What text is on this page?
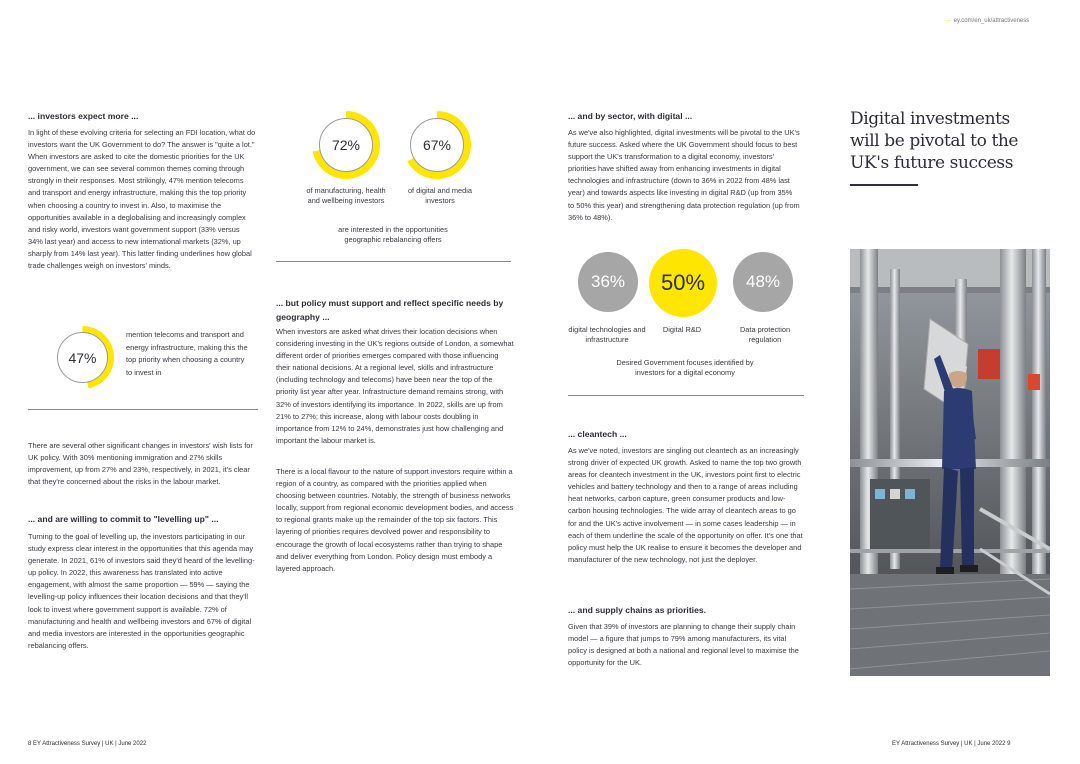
→ ey.com/en_uk/attractiveness
... investors expect more ...
In light of these evolving criteria for selecting an FDI location, what do investors want the UK Government to do? The answer is "quite a lot." When investors are asked to cite the domestic priorities for the UK government, we can see several common themes coming through strongly in their responses. Most strikingly, 47% mention telecoms and transport and energy infrastructure, making this the top priority when choosing a country to invest in. Also, to maximise the opportunities available in a deglobalising and increasingly complex and risky world, investors want government support (33% versus 34% last year) and access to new international markets (32%, up sharply from 14% last year). This latter finding underlines how global trade challenges weigh on investors' minds.
47%
mention telecoms and transport and energy infrastructure, making this the top priority when choosing a country to invest in
There are several other significant changes in investors' wish lists for UK policy. With 30% mentioning immigration and 27% skills improvement, up from 27% and 23%, respectively, in 2021, it's clear that they're concerned about the risks in the labour market.
... and are willing to commit to "levelling up" ...
Turning to the goal of levelling up, the investors participating in our study express clear interest in the opportunities that this agenda may generate. In 2021, 61% of investors said they'd heard of the levelling-up policy. In 2022, this awareness has translated into active engagement, with almost the same proportion — 59% — saying the levelling-up policy influences their location decisions and that they'll look to invest where government support is available. 72% of manufacturing and health and wellbeing investors and 67% of digital and media investors are interested in the opportunities geographic rebalancing offers.
72%	67%
of manufacturing, health and wellbeing investors
of digital and media investors
are interested in the opportunities geographic rebalancing offers
... but policy must support and reflect specific needs by geography ...
When investors are asked what drives their location decisions when considering investing in the UK's regions outside of London, a somewhat different order of priorities emerges compared with those influencing their national decisions. At a regional level, skills and infrastructure (including technology and telecoms) have been near the top of the priority list year after year. Infrastructure demand remains strong, with 32% of investors identifying its importance. In 2022, skills are up from 21% to 27%; this increase, along with labour costs doubling in importance from 12% to 24%, demonstrates just how challenging and important the labour market is.
There is a local flavour to the nature of support investors require within a region of a country, as compared with the priorities applied when choosing between countries. Notably, the strength of business networks locally, support from regional economic development bodies, and access to regional grants make up the remainder of the top six factors. This layering of priorities requires devolved power and responsibility to encourage the growth of local ecosystems rather than trying to shape and deliver everything from London. Policy design must embody a layered approach.
... and by sector, with digital ...
As we've also highlighted, digital investments will be pivotal to the UK's future success. Asked where the UK Government should focus to best support the UK's transformation to a digital economy, investors' priorities have shifted away from enhancing investments in digital technologies and infrastructure (down to 36% in 2022 from 48% last year) and towards aspects like investing in digital R&D (up from 35% to 50% this year) and strengthening data protection regulation (up from 36% to 48%).
36% 50% 48%
digital technologies and infrastructure
Digital R&D	Data protection regulation
Desired Government focuses identified by investors for a digital economy
... cleantech ...
As we've noted, investors are singling out cleantech as an increasingly strong driver of expected UK growth. Asked to name the top two growth areas for cleantech investment in the UK, investors point first to electric vehicles and battery technology and then to a range of areas including heat networks, carbon capture, green consumer products and low-carbon housing technologies. The wide array of cleantech areas to go for and the UK's active involvement — in some cases leadership — in each of them underline the scale of the opportunity on offer. It's one that policy must help the UK realise to ensure it becomes the developer and manufacturer of the new technology, not just the deployer.
... and supply chains as priorities.
Given that 39% of investors are planning to change their supply chain model — a figure that jumps to 79% among manufacturers, its vital policy is designed at both a national and regional level to maximise the opportunity for the UK.
Digital investments will be pivotal to the UK's future success
8 EY Attractiveness Survey | UK | June 2022	EY Attractiveness Survey | UK | June 2022 9
